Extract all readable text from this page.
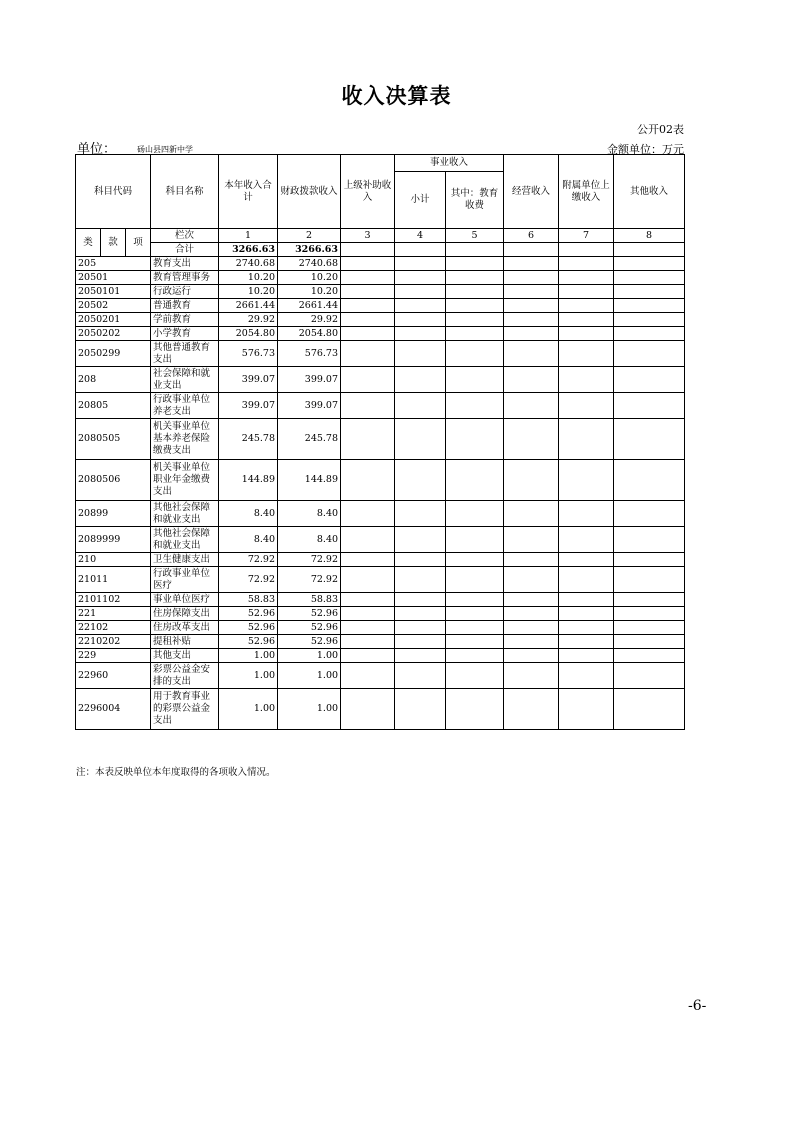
收入决算表
公开02表
单位：	砀山县四新中学	金额单位：万元
科目代码			科目名称	本年收入合计	财政拨款收入	上级补助收入	事业收入		经营收入	附属单位上缴收入	其他收入
							小计	其中：教育收费			
类	款	项	栏次	1	2	3	4	5	6	7	8
			合计	3266.63	3266.63						
205			教育支出	2740.68	2740.68						
20501			教育管理事务	10.20	10.20						
2050101			行政运行	10.20	10.20						
20502			普通教育	2661.44	2661.44						
2050201			学前教育	29.92	29.92						
2050202			小学教育	2054.80	2054.80						
2050299			其他普通教育支出	576.73	576.73						
208			社会保障和就业支出	399.07	399.07						
20805			行政事业单位养老支出	399.07	399.07						
2080505			机关事业单位基本养老保险缴费支出	245.78	245.78						
2080506			机关事业单位职业年金缴费支出	144.89	144.89						
20899			其他社会保障和就业支出	8.40	8.40						
2089999			其他社会保障和就业支出	8.40	8.40						
210			卫生健康支出	72.92	72.92						
21011			行政事业单位医疗	72.92	72.92						
2101102			事业单位医疗	58.83	58.83						
221			住房保障支出	52.96	52.96						
22102			住房改革支出	52.96	52.96						
2210202			提租补贴	52.96	52.96						
229			其他支出	1.00	1.00						
22960			彩票公益金安排的支出	1.00	1.00						
2296004			用于教育事业的彩票公益金支出	1.00	1.00						
注：本表反映单位本年度取得的各项收入情况。
-6-
